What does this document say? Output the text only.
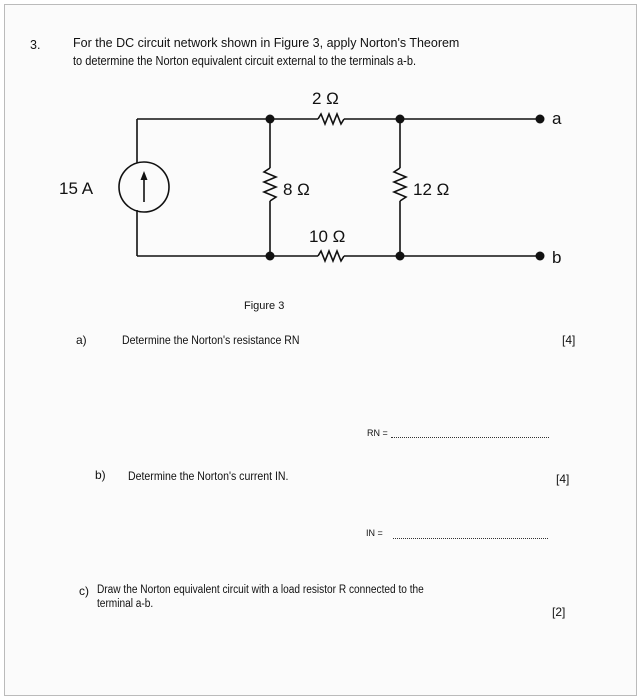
3.	For the DC circuit network shown in Figure 3, apply Norton's Theorem
to determine the Norton equivalent circuit external to the terminals a-b.
2 Ω
15 A	8 Ω	12 Ω
10 Ω
a
b
Figure 3
a)	Determine the Norton's resistance RN	[4]
RN =
b) Determine the Norton's current IN.	[4]
IN =
c) Draw the Norton equivalent circuit with a load resistor R connected to the
terminal a-b.
[2]
